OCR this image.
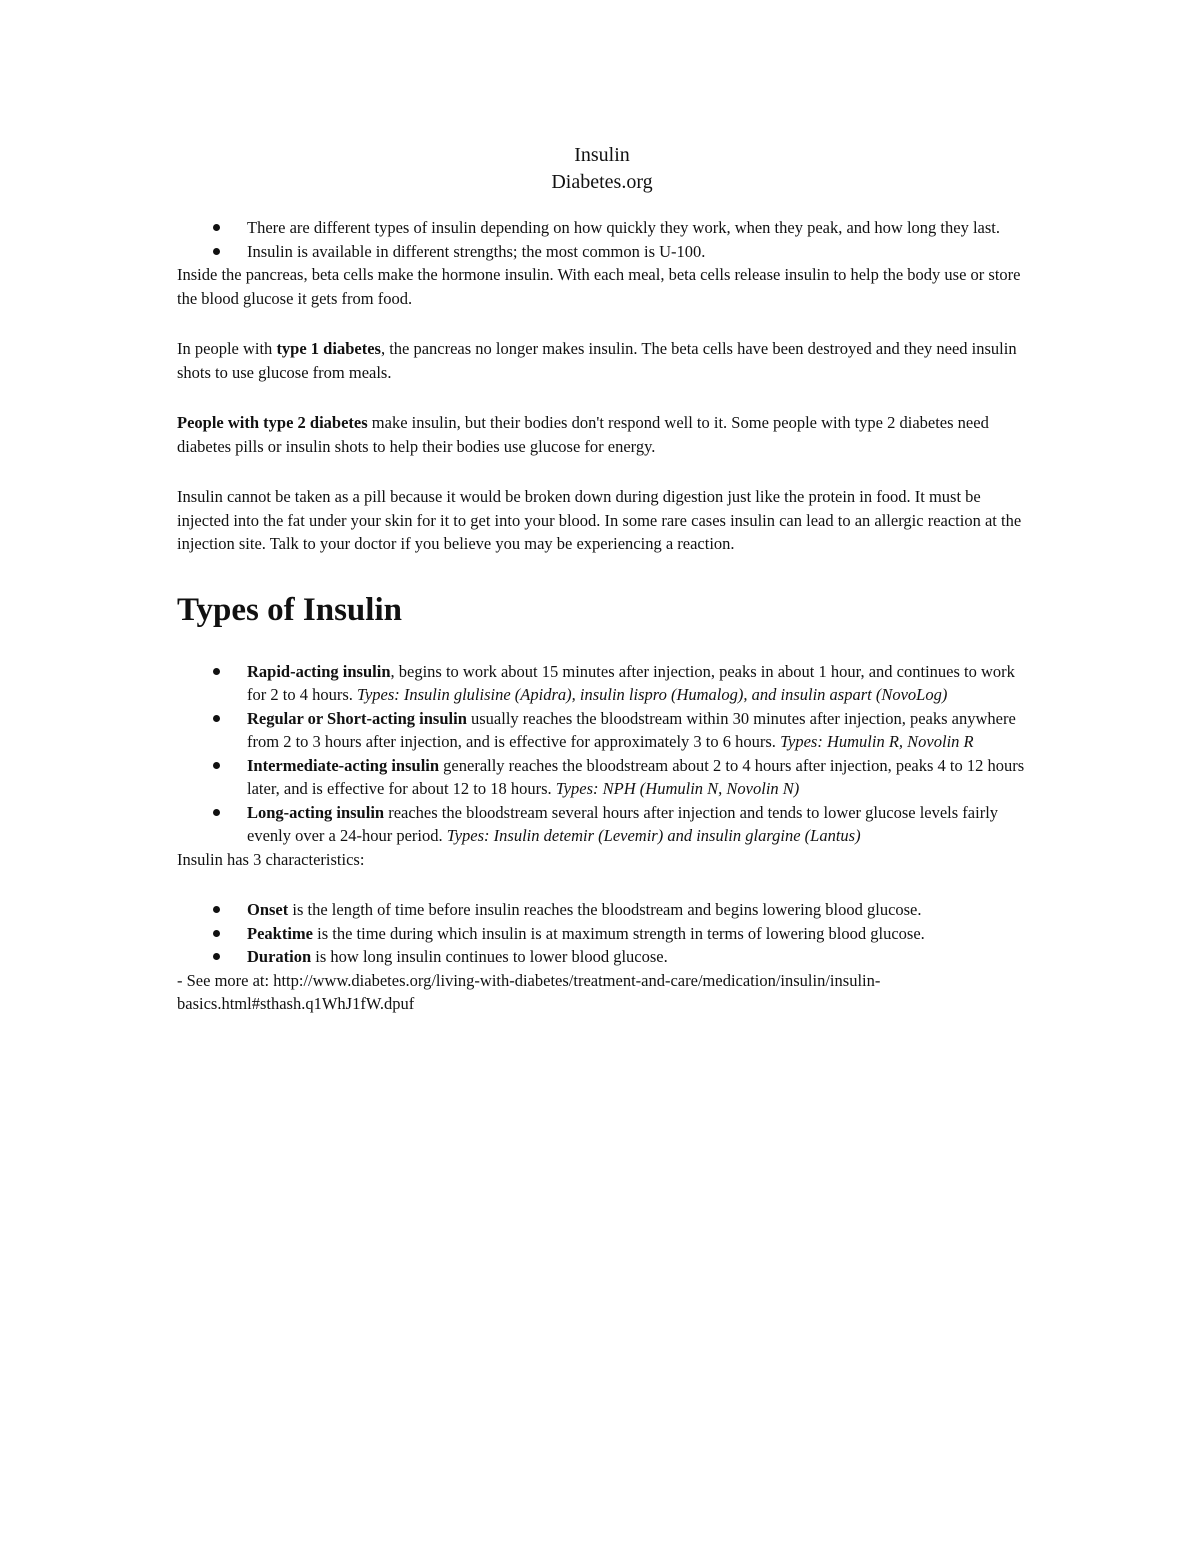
Insulin
Diabetes.org
There are different types of insulin depending on how quickly they work, when they peak, and how long they last.
Insulin is available in different strengths; the most common is U-100.

Inside the pancreas, beta cells make the hormone insulin. With each meal, beta cells release insulin to help the body use or store the blood glucose it gets from food.

In people with type 1 diabetes, the pancreas no longer makes insulin. The beta cells have been destroyed and they need insulin shots to use glucose from meals.

People with type 2 diabetes make insulin, but their bodies don't respond well to it. Some people with type 2 diabetes need diabetes pills or insulin shots to help their bodies use glucose for energy.

Insulin cannot be taken as a pill because it would be broken down during digestion just like the protein in food. It must be injected into the fat under your skin for it to get into your blood. In some rare cases insulin can lead to an allergic reaction at the injection site. Talk to your doctor if you believe you may be experiencing a reaction.

Types of Insulin
Rapid-acting insulin, begins to work about 15 minutes after injection, peaks in about 1 hour, and continues to work for 2 to 4 hours. Types: Insulin glulisine (Apidra), insulin lispro (Humalog), and insulin aspart (NovoLog)
Regular or Short-acting insulin usually reaches the bloodstream within 30 minutes after injection, peaks anywhere from 2 to 3 hours after injection, and is effective for approximately 3 to 6 hours. Types: Humulin R, Novolin R
Intermediate-acting insulin generally reaches the bloodstream about 2 to 4 hours after injection, peaks 4 to 12 hours later, and is effective for about 12 to 18 hours. Types: NPH (Humulin N, Novolin N)
Long-acting insulin reaches the bloodstream several hours after injection and tends to lower glucose levels fairly evenly over a 24-hour period. Types: Insulin detemir (Levemir) and insulin glargine (Lantus)

Insulin has 3 characteristics:

Onset is the length of time before insulin reaches the bloodstream and begins lowering blood glucose.
Peaktime is the time during which insulin is at maximum strength in terms of lowering blood glucose.
Duration is how long insulin continues to lower blood glucose.

- See more at: http://www.diabetes.org/living-with-diabetes/treatment-and-care/medication/insulin/insulin-basics.html#sthash.q1WhJ1fW.dpuf
